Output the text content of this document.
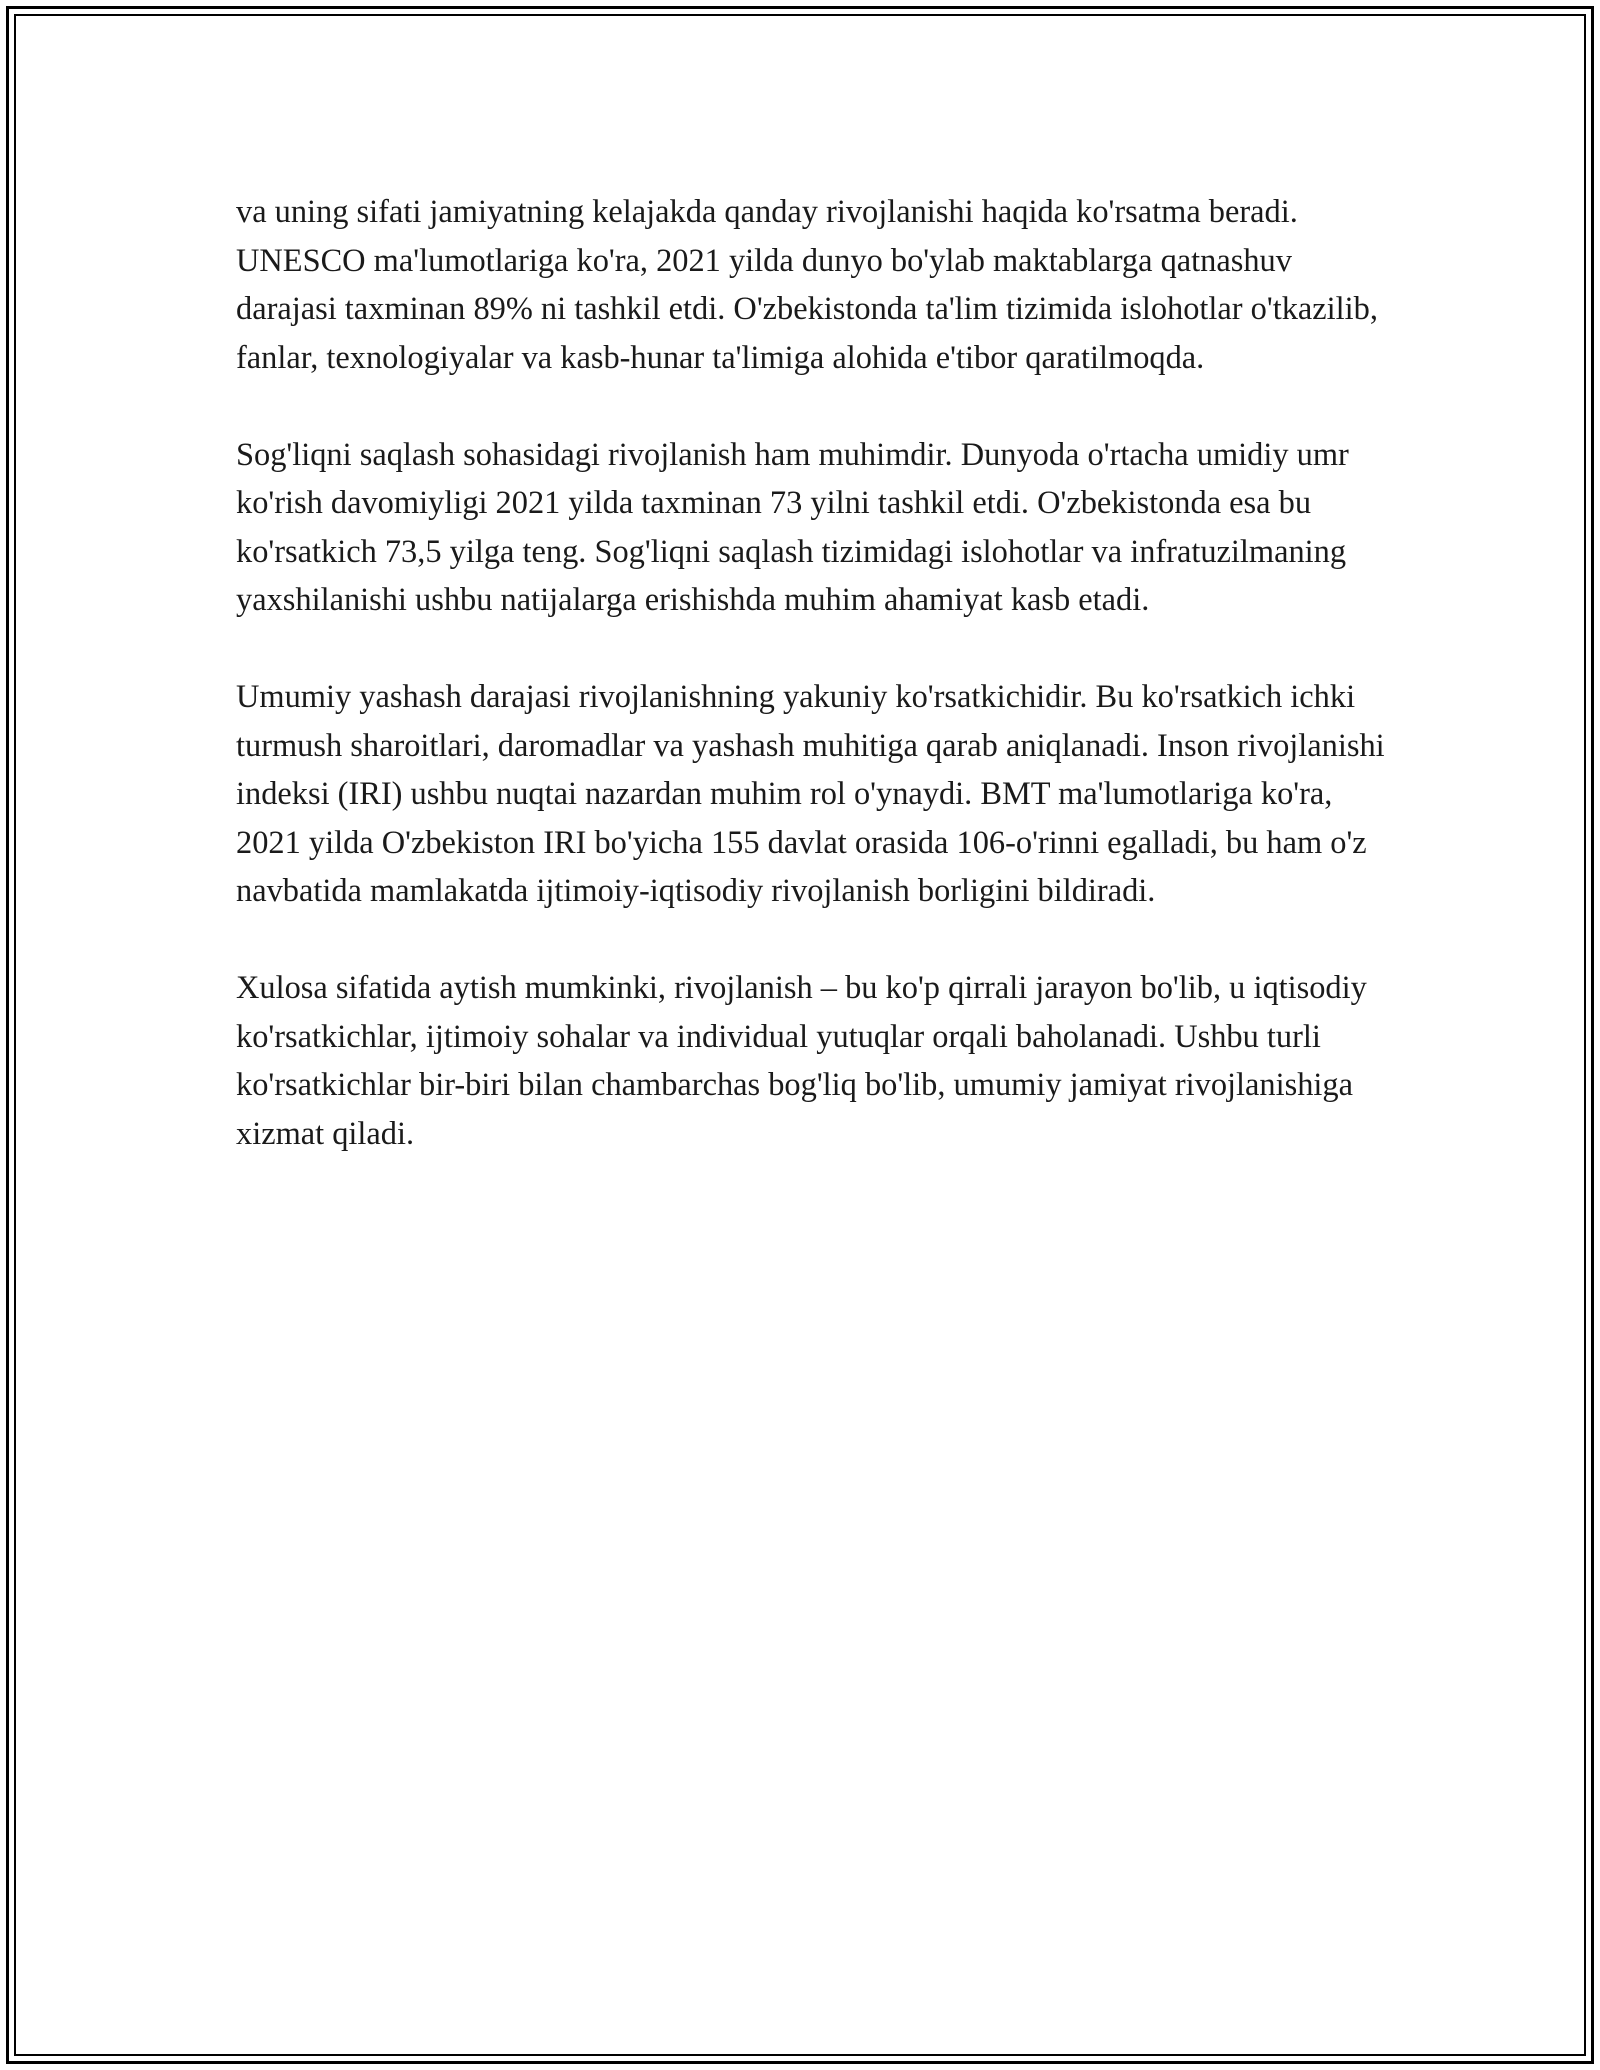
va uning sifati jamiyatning kelajakda qanday rivojlanishi haqida ko'rsatma beradi. UNESCO ma'lumotlariga ko'ra, 2021 yilda dunyo bo'ylab maktablarga qatnashuv darajasi taxminan 89% ni tashkil etdi. O'zbekistonda ta'lim tizimida islohotlar o'tkazilib, fanlar, texnologiyalar va kasb-hunar ta'limiga alohida e'tibor qaratilmoqda.

Sog'liqni saqlash sohasidagi rivojlanish ham muhimdir. Dunyoda o'rtacha umidiy umr ko'rish davomiyligi 2021 yilda taxminan 73 yilni tashkil etdi. O'zbekistonda esa bu ko'rsatkich 73,5 yilga teng. Sog'liqni saqlash tizimidagi islohotlar va infratuzilmaning yaxshilanishi ushbu natijalarga erishishda muhim ahamiyat kasb etadi.

Umumiy yashash darajasi rivojlanishning yakuniy ko'rsatkichidir. Bu ko'rsatkich ichki turmush sharoitlari, daromadlar va yashash muhitiga qarab aniqlanadi. Inson rivojlanishi indeksi (IRI) ushbu nuqtai nazardan muhim rol o'ynaydi. BMT ma'lumotlariga ko'ra, 2021 yilda O'zbekiston IRI bo'yicha 155 davlat orasida 106-o'rinni egalladi, bu ham o'z navbatida mamlakatda ijtimoiy-iqtisodiy rivojlanish borligini bildiradi.

Xulosa sifatida aytish mumkinki, rivojlanish – bu ko'p qirrali jarayon bo'lib, u iqtisodiy ko'rsatkichlar, ijtimoiy sohalar va individual yutuqlar orqali baholanadi. Ushbu turli ko'rsatkichlar bir-biri bilan chambarchas bog'liq bo'lib, umumiy jamiyat rivojlanishiga xizmat qiladi.
